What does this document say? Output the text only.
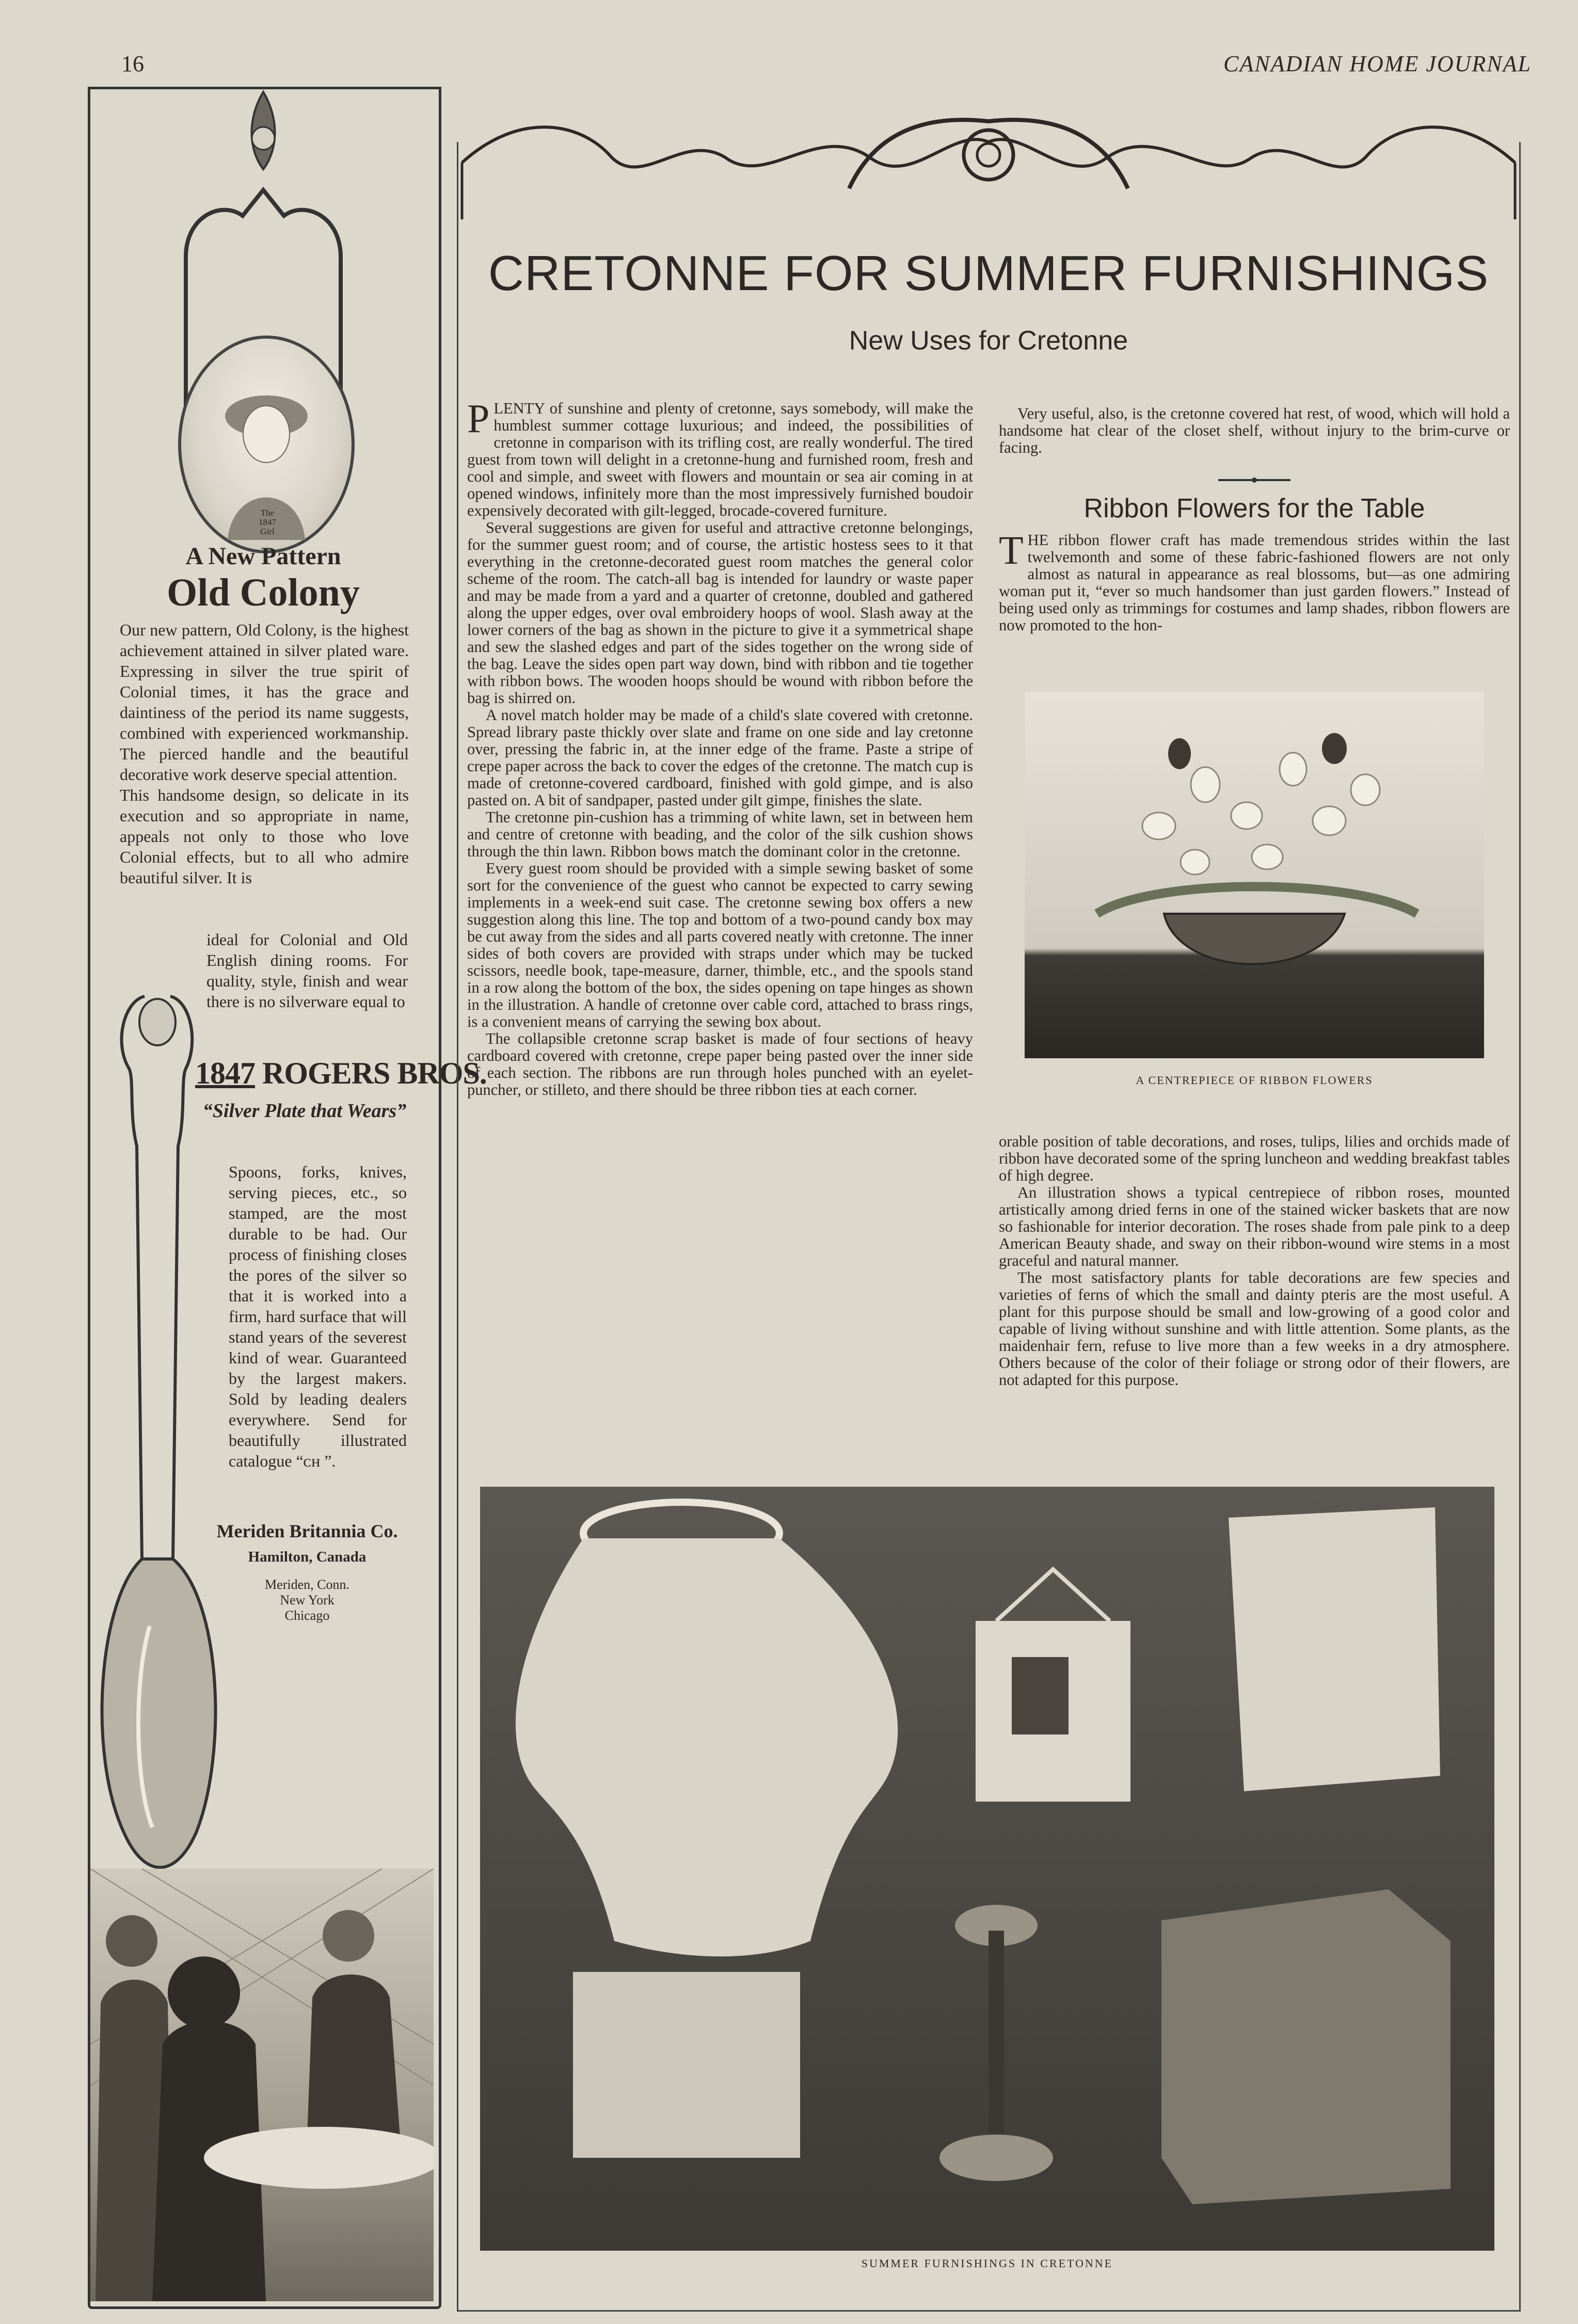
16	CANADIAN HOME JOURNAL
The 1847 Girl
A New Pattern
Old Colony
Our new pattern, Old Colony, is the highest achievement attained in silver plated ware. Expressing in silver the true spirit of Colonial times, it has the grace and daintiness of the period its name suggests, combined with experienced workmanship. The pierced handle and the beautiful decorative work deserve special attention.
This handsome design, so delicate in its execution and so appropriate in name, appeals not only to those who love Colonial effects, but to all who admire beautiful silver. It is
ideal for Colonial and Old English dining rooms. For quality, style, finish and wear there is no silverware equal to
1847 ROGERS BROS.
“Silver Plate that Wears”
Spoons, forks, knives, serving pieces, etc., so stamped, are the most durable to be had. Our process of finishing closes the pores of the silver so that it is worked into a firm, hard surface that will stand years of the severest kind of wear. Guaranteed by the largest makers. Sold by leading dealers everywhere. Send for beautifully illustrated catalogue “ᴄʜ ”.
Meriden Britannia Co.
Hamilton, Canada
Meriden, Conn.
New York
Chicago
CRETONNE FOR SUMMER FURNISHINGS
New Uses for Cretonne

PLENTY of sunshine and plenty of cretonne, says somebody, will make the humblest summer cottage luxurious; and indeed, the possibilities of cretonne in comparison with its trifling cost, are really wonderful. The tired guest from town will delight in a cretonne-hung and furnished room, fresh and cool and simple, and sweet with flowers and mountain or sea air coming in at opened windows, infinitely more than the most impressively furnished boudoir expensively decorated with gilt-legged, brocade-covered furniture.

Several suggestions are given for useful and attractive cretonne belongings, for the summer guest room; and of course, the artistic hostess sees to it that everything in the cretonne-decorated guest room matches the general color scheme of the room. The catch-all bag is intended for laundry or waste paper and may be made from a yard and a quarter of cretonne, doubled and gathered along the upper edges, over oval embroidery hoops of wool. Slash away at the lower corners of the bag as shown in the picture to give it a symmetrical shape and sew the slashed edges and part of the sides together on the wrong side of the bag. Leave the sides open part way down, bind with ribbon and tie together with ribbon bows. The wooden hoops should be wound with ribbon before the bag is shirred on.

A novel match holder may be made of a child's slate covered with cretonne. Spread library paste thickly over slate and frame on one side and lay cretonne over, pressing the fabric in, at the inner edge of the frame. Paste a stripe of crepe paper across the back to cover the edges of the cretonne. The match cup is made of cretonne-covered cardboard, finished with gold gimpe, and is also pasted on. A bit of sandpaper, pasted under gilt gimpe, finishes the slate.

The cretonne pin-cushion has a trimming of white lawn, set in between hem and centre of cretonne with beading, and the color of the silk cushion shows through the thin lawn. Ribbon bows match the dominant color in the cretonne.

Every guest room should be provided with a simple sewing basket of some sort for the convenience of the guest who cannot be expected to carry sewing implements in a week-end suit case. The cretonne sewing box offers a new suggestion along this line. The top and bottom of a two-pound candy box may be cut away from the sides and all parts covered neatly with cretonne. The inner sides of both covers are provided with straps under which may be tucked scissors, needle book, tape-measure, darner, thimble, etc., and the spools stand in a row along the bottom of the box, the sides opening on tape hinges as shown in the illustration. A handle of cretonne over cable cord, attached to brass rings, is a convenient means of carrying the sewing box about.

The collapsible cretonne scrap basket is made of four sections of heavy cardboard covered with cretonne, crepe paper being pasted over the inner side of each section. The ribbons are run through holes punched with an eyelet-puncher, or stilleto, and there should be three ribbon ties at each corner.

Very useful, also, is the cretonne covered hat rest, of wood, which will hold a handsome hat clear of the closet shelf, without injury to the brim-curve or facing.

Ribbon Flowers for the Table

THE ribbon flower craft has made tremendous strides within the last twelvemonth and some of these fabric-fashioned flowers are not only almost as natural in appearance as real blossoms, but—as one admiring woman put it, “ever so much handsomer than just garden flowers.” Instead of being used only as trimmings for costumes and lamp shades, ribbon flowers are now promoted to the hon-

A CENTREPIECE OF RIBBON FLOWERS

orable position of table decorations, and roses, tulips, lilies and orchids made of ribbon have decorated some of the spring luncheon and wedding breakfast tables of high degree.

An illustration shows a typical centrepiece of ribbon roses, mounted artistically among dried ferns in one of the stained wicker baskets that are now so fashionable for interior decoration. The roses shade from pale pink to a deep American Beauty shade, and sway on their ribbon-wound wire stems in a most graceful and natural manner.

The most satisfactory plants for table decorations are few species and varieties of ferns of which the small and dainty pteris are the most useful. A plant for this purpose should be small and low-growing of a good color and capable of living without sunshine and with little attention. Some plants, as the maidenhair fern, refuse to live more than a few weeks in a dry atmosphere. Others because of the color of their foliage or strong odor of their flowers, are not adapted for this purpose.

SUMMER FURNISHINGS IN CRETONNE
